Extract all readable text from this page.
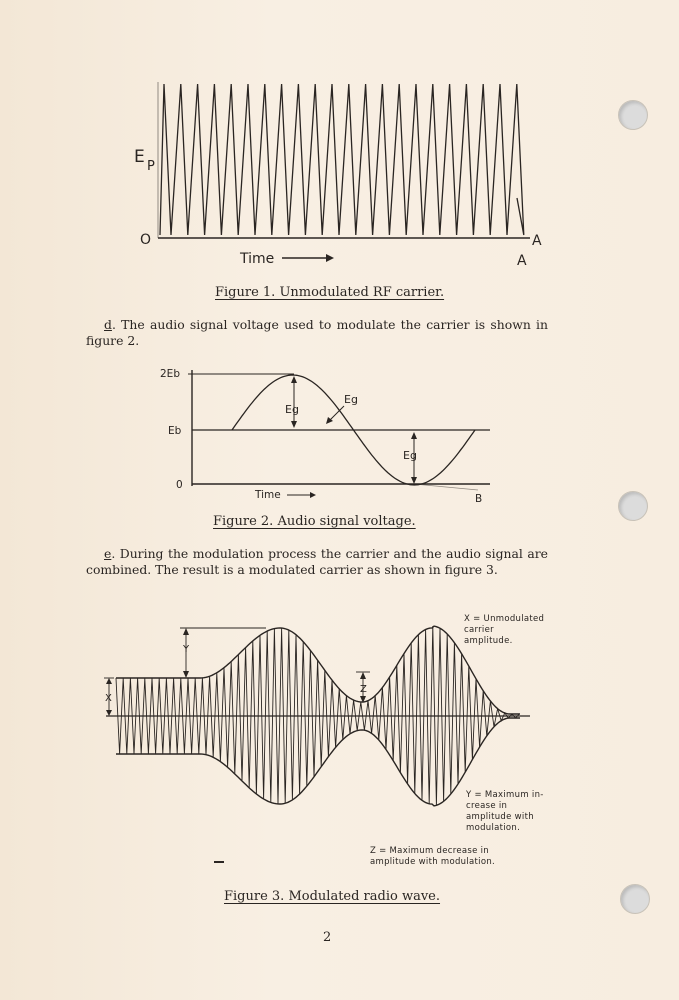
E P
O
Time
A
A
Figure 1. Unmodulated RF carrier.
d. The audio signal voltage used to modulate the carrier is shown in figure 2.
2Eb
Eb
0
Eg
Eg
Eg
Time	B
Figure 2. Audio signal voltage.
e. During the modulation process the carrier and the audio signal are combined. The result is a modulated carrier as shown in figure 3.
X
Y
Z
X = Unmodulated
carrier
amplitude.
Y = Maximum in-
crease in
amplitude with
modulation.
Z = Maximum decrease in
amplitude with modulation.
Figure 3. Modulated radio wave.
2
